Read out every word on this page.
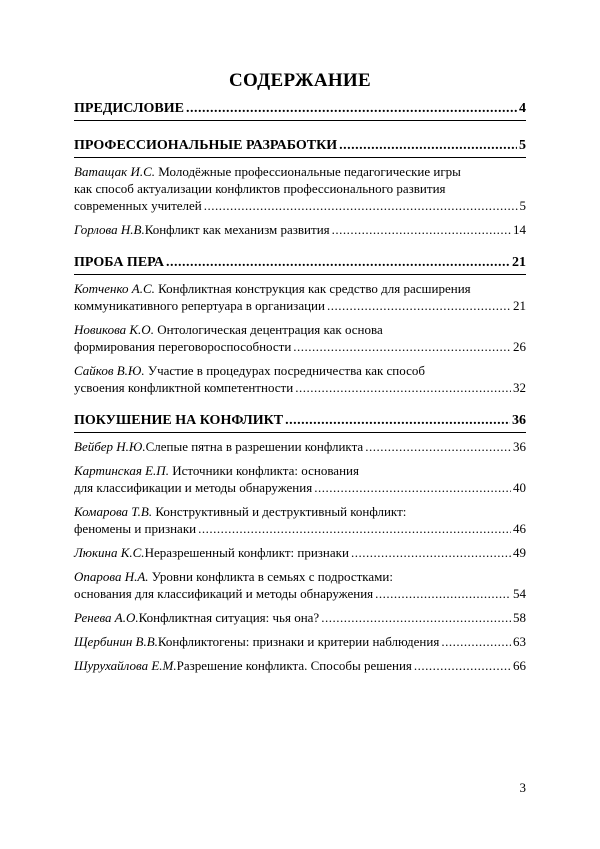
СОДЕРЖАНИЕ
ПРЕДИСЛОВИЕ .....	4
ПРОФЕССИОНАЛЬНЫЕ РАЗРАБОТКИ .....	5
Ватащак И.С. Молодёжные профессиональные педагогические игры
как способ актуализации конфликтов профессионального развития
современных учителей .....	5
Горлова Н.В. Конфликт как механизм развития .....	14
ПРОБА ПЕРА .....	21
Котченко А.С. Конфликтная конструкция как средство для расширения
коммуникативного репертуара в организации .....	21
Новикова К.О. Онтологическая децентрация как основа
формирования переговороспособности .....	26
Сайков В.Ю. Участие в процедурах посредничества как способ
усвоения конфликтной компетентности .....	32
ПОКУШЕНИЕ НА КОНФЛИКТ .....	36
Вейбер Н.Ю. Слепые пятна в разрешении конфликта .....	36
Картинская Е.П. Источники конфликта: основания
для классификации и методы обнаружения .....	40
Комарова Т.В. Конструктивный и деструктивный конфликт:
феномены и признаки .....	46
Люкина К.С. Неразрешенный конфликт: признаки .....	49
Опарова Н.А. Уровни конфликта в семьях с подростками:
основания для классификаций и методы обнаружения .....	54
Ренева А.О. Конфликтная ситуация: чья она? .....	58
Щербинин В.В. Конфликтогены: признаки и критерии наблюдения .....	63
Шурухайлова Е.М. Разрешение конфликта. Способы решения .....	66
3
